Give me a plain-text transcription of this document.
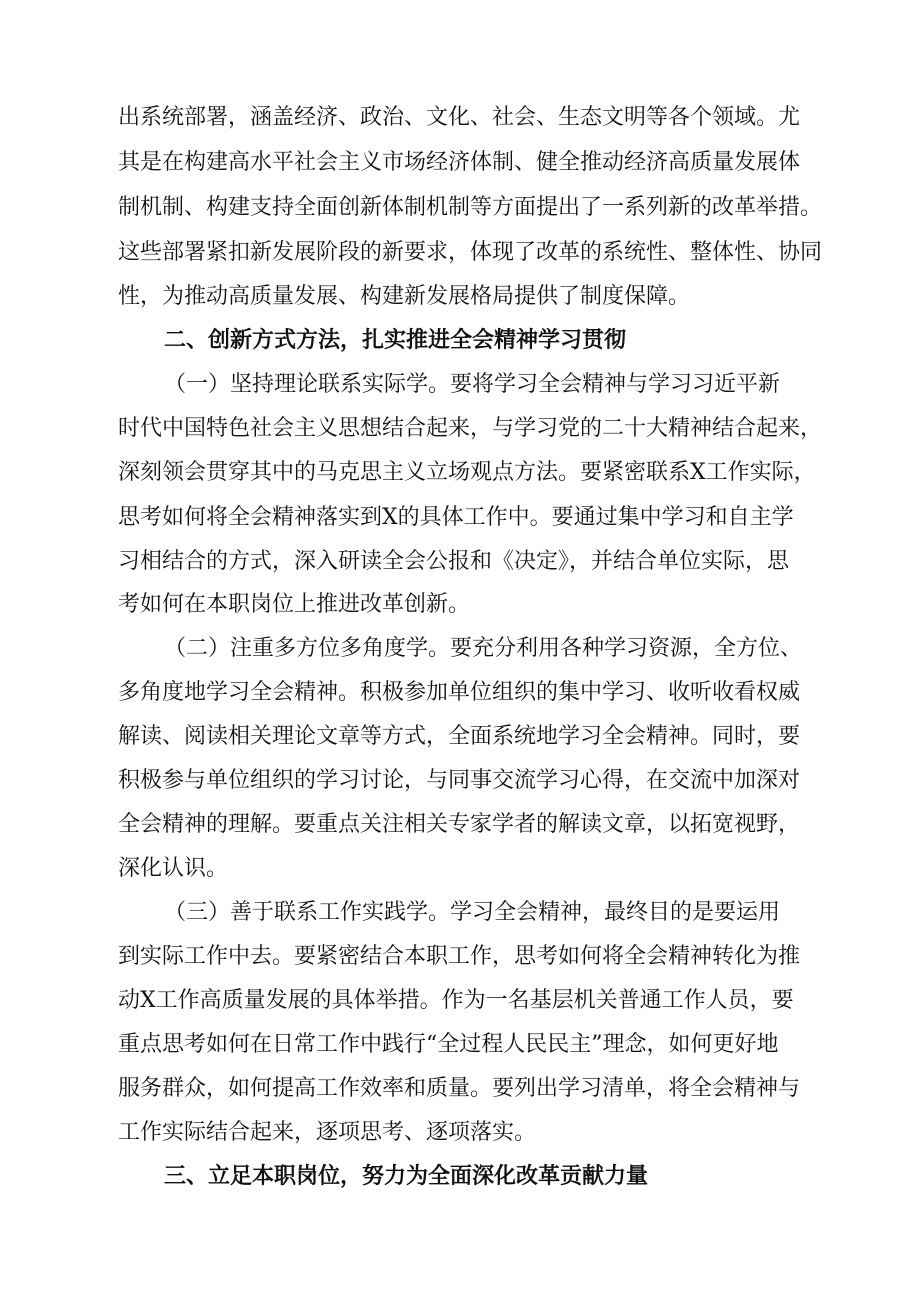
出系统部署，涵盖经济、政治、文化、社会、生态文明等各个领域。尤
其是在构建高水平社会主义市场经济体制、健全推动经济高质量发展体
制机制、构建支持全面创新体制机制等方面提出了一系列新的改革举措。
这些部署紧扣新发展阶段的新要求，体现了改革的系统性、整体性、协同
性，为推动高质量发展、构建新发展格局提供了制度保障。
二、创新方式方法，扎实推进全会精神学习贯彻
（一）坚持理论联系实际学。要将学习全会精神与学习习近平新
时代中国特色社会主义思想结合起来，与学习党的二十大精神结合起来，
深刻领会贯穿其中的马克思主义立场观点方法。要紧密联系X工作实际，
思考如何将全会精神落实到X的具体工作中。要通过集中学习和自主学
习相结合的方式，深入研读全会公报和《决定》，并结合单位实际，思
考如何在本职岗位上推进改革创新。
（二）注重多方位多角度学。要充分利用各种学习资源，全方位、
多角度地学习全会精神。积极参加单位组织的集中学习、收听收看权威
解读、阅读相关理论文章等方式，全面系统地学习全会精神。同时，要
积极参与单位组织的学习讨论，与同事交流学习心得，在交流中加深对
全会精神的理解。要重点关注相关专家学者的解读文章，以拓宽视野，
深化认识。
（三）善于联系工作实践学。学习全会精神，最终目的是要运用
到实际工作中去。要紧密结合本职工作，思考如何将全会精神转化为推
动X工作高质量发展的具体举措。作为一名基层机关普通工作人员，要
重点思考如何在日常工作中践行“全过程人民民主”理念，如何更好地
服务群众，如何提高工作效率和质量。要列出学习清单，将全会精神与
工作实际结合起来，逐项思考、逐项落实。
三、立足本职岗位，努力为全面深化改革贡献力量
